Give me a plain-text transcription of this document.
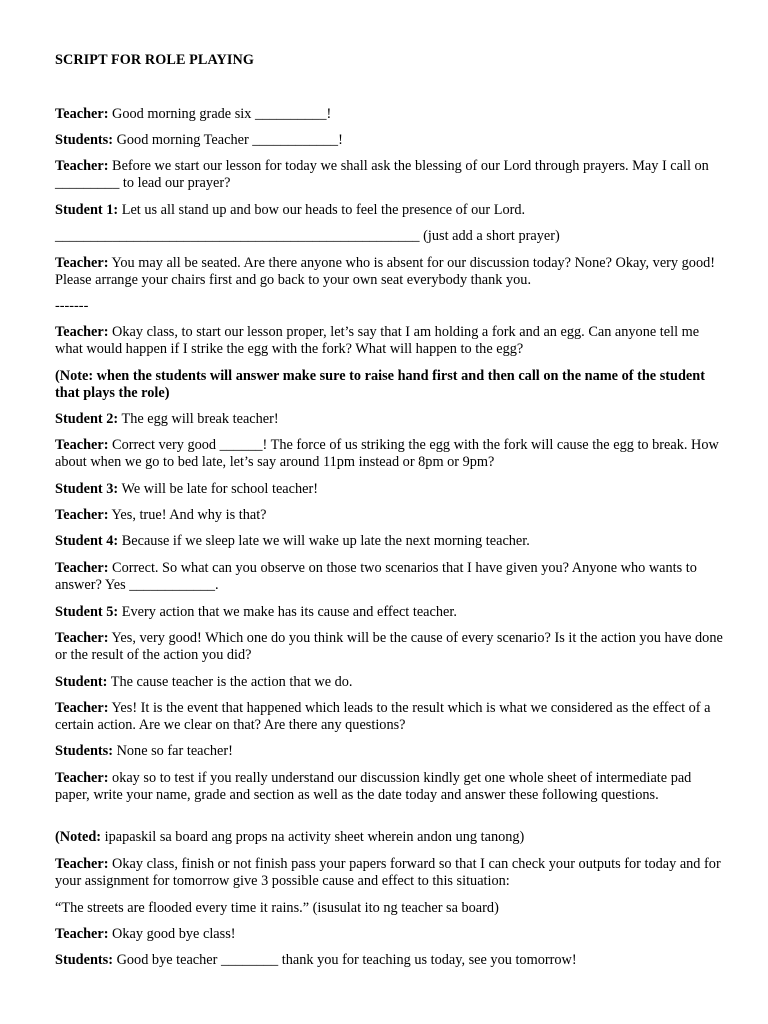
SCRIPT FOR ROLE PLAYING
Teacher: Good morning grade six __________!
Students: Good morning Teacher ____________!
Teacher: Before we start our lesson for today we shall ask the blessing of our Lord through prayers. May I call on _________ to lead our prayer?
Student 1: Let us all stand up and bow our heads to feel the presence of our Lord.
___________________________________________________ (just add a short prayer)
Teacher: You may all be seated. Are there anyone who is absent for our discussion today? None? Okay, very good! Please arrange your chairs first and go back to your own seat everybody thank you.
-------
Teacher: Okay class, to start our lesson proper, let’s say that I am holding a fork and an egg. Can anyone tell me what would happen if I strike the egg with the fork? What will happen to the egg?
(Note: when the students will answer make sure to raise hand first and then call on the name of the student that plays the role)
Student 2: The egg will break teacher!
Teacher: Correct very good ______! The force of us striking the egg with the fork will cause the egg to break. How about when we go to bed late, let’s say around 11pm instead or 8pm or 9pm?
Student 3: We will be late for school teacher!
Teacher: Yes, true! And why is that?
Student 4: Because if we sleep late we will wake up late the next morning teacher.
Teacher: Correct. So what can you observe on those two scenarios that I have given you? Anyone who wants to answer? Yes ____________.
Student 5: Every action that we make has its cause and effect teacher.
Teacher: Yes, very good! Which one do you think will be the cause of every scenario? Is it the action you have done or the result of the action you did?
Student: The cause teacher is the action that we do.
Teacher: Yes! It is the event that happened which leads to the result which is what we considered as the effect of a certain action. Are we clear on that? Are there any questions?
Students: None so far teacher!
Teacher: okay so to test if you really understand our discussion kindly get one whole sheet of intermediate pad paper, write your name, grade and section as well as the date today and answer these following questions.
(Noted: ipapaskil sa board ang props na activity sheet wherein andon ung tanong)
Teacher: Okay class, finish or not finish pass your papers forward so that I can check your outputs for today and for your assignment for tomorrow give 3 possible cause and effect to this situation:
“The streets are flooded every time it rains.” (isusulat ito ng teacher sa board)
Teacher: Okay good bye class!
Students: Good bye teacher ________ thank you for teaching us today, see you tomorrow!
